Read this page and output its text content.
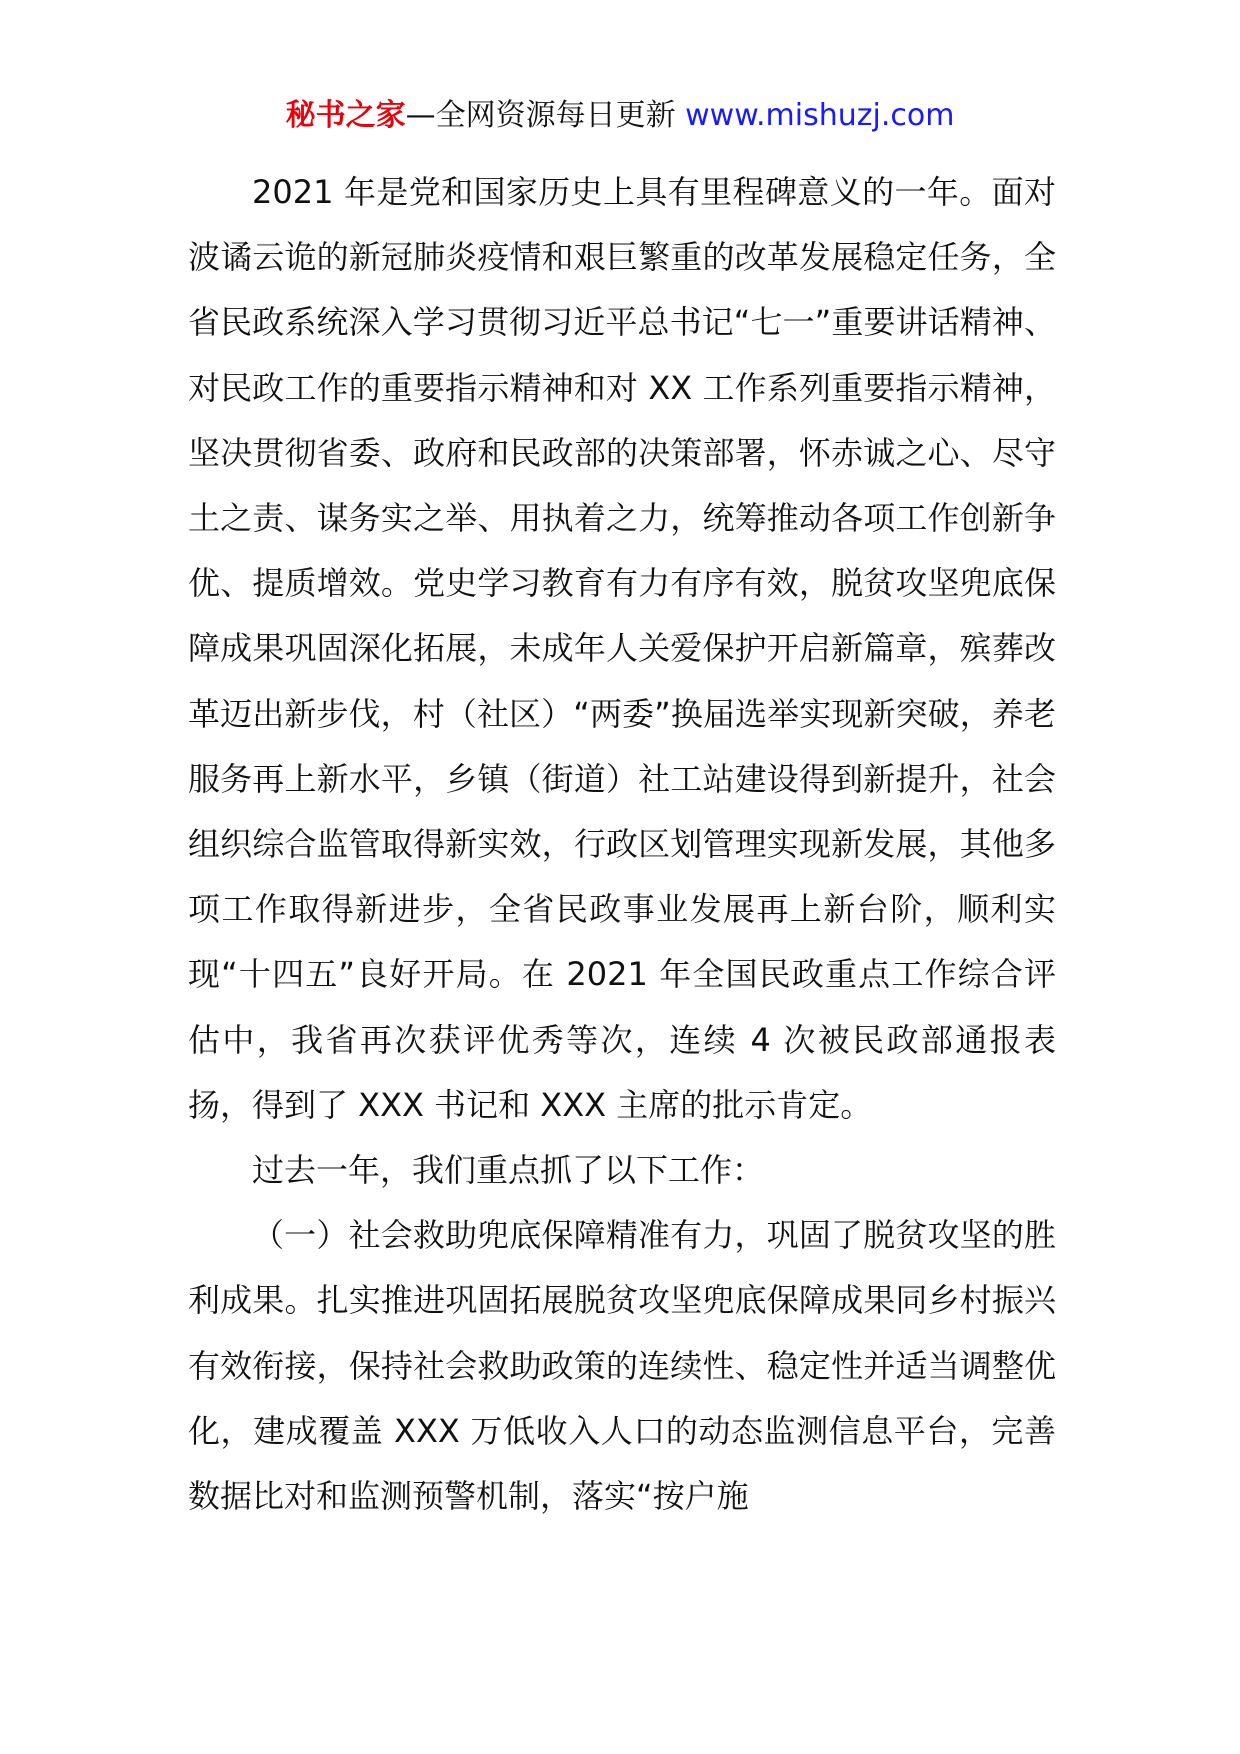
秘书之家—全网资源每日更新 www.mishuzj.com

2021 年是党和国家历史上具有里程碑意义的一年。面对波谲云诡的新冠肺炎疫情和艰巨繁重的改革发展稳定任务，全省民政系统深入学习贯彻习近平总书记“七一”重要讲话精神、对民政工作的重要指示精神和对 XX 工作系列重要指示精神，坚决贯彻省委、政府和民政部的决策部署，怀赤诚之心、尽守土之责、谋务实之举、用执着之力，统筹推动各项工作创新争优、提质增效。党史学习教育有力有序有效，脱贫攻坚兜底保障成果巩固深化拓展，未成年人关爱保护开启新篇章，殡葬改革迈出新步伐，村（社区）“两委”换届选举实现新突破，养老服务再上新水平，乡镇（街道）社工站建设得到新提升，社会组织综合监管取得新实效，行政区划管理实现新发展，其他多项工作取得新进步，全省民政事业发展再上新台阶，顺利实现“十四五”良好开局。在 2021 年全国民政重点工作综合评估中，我省再次获评优秀等次，连续 4 次被民政部通报表扬，得到了 XXX 书记和 XXX 主席的批示肯定。

过去一年，我们重点抓了以下工作：

（一）社会救助兜底保障精准有力，巩固了脱贫攻坚的胜利成果。扎实推进巩固拓展脱贫攻坚兜底保障成果同乡村振兴有效衔接，保持社会救助政策的连续性、稳定性并适当调整优化，建成覆盖 XXX 万低收入人口的动态监测信息平台，完善数据比对和监测预警机制，落实“按户施
